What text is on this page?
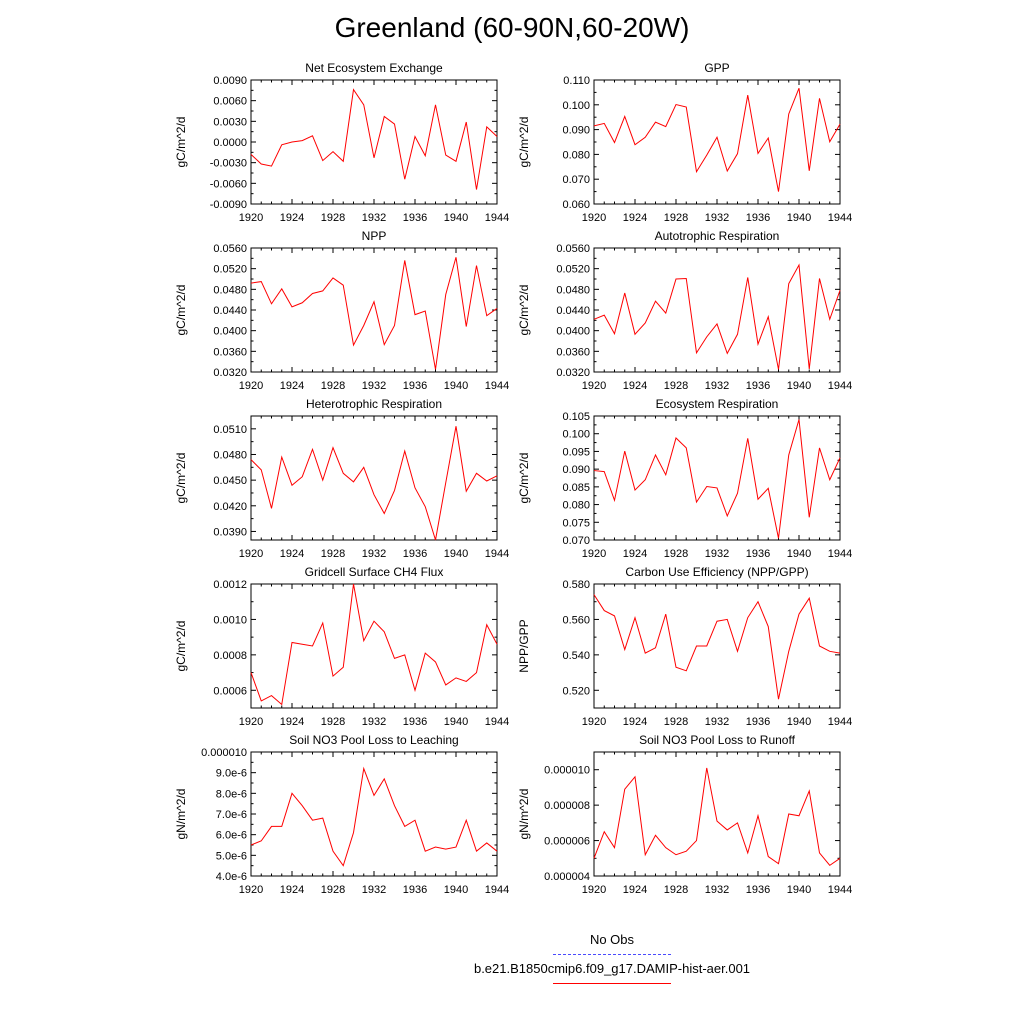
Greenland (60-90N,60-20W)
Net Ecosystem Exchange
1920 1924 1928 1932 1936 1940 1944
-0.0090
-0.0060
-0.0030
0.0000
0.0030
0.0060
0.0090
gC/m^2/d
GPP
1920 1924 1928 1932 1936 1940 1944
0.060
0.070
0.080
0.090
0.100
0.110
gC/m^2/d
NPP
1920 1924 1928 1932 1936 1940 1944
0.0320
0.0360
0.0400
0.0440
0.0480
0.0520
0.0560
gC/m^2/d
Autotrophic Respiration
1920 1924 1928 1932 1936 1940 1944
0.0320
0.0360
0.0400
0.0440
0.0480
0.0520
0.0560
gC/m^2/d
Heterotrophic Respiration
1920 1924 1928 1932 1936 1940 1944
0.0390
0.0420
0.0450
0.0480
0.0510
gC/m^2/d
Ecosystem Respiration
1920 1924 1928 1932 1936 1940 1944
0.070
0.075
0.080
0.085
0.090
0.095
0.100
0.105
gC/m^2/d
Gridcell Surface CH4 Flux
1920 1924 1928 1932 1936 1940 1944
0.0006
0.0008
0.0010
0.0012
gC/m^2/d
Carbon Use Efficiency (NPP/GPP)
1920 1924 1928 1932 1936 1940 1944
0.520
0.540
0.560
0.580
NPP/GPP
Soil NO3 Pool Loss to Leaching
1920 1924 1928 1932 1936 1940 1944
4.0e-6
5.0e-6
6.0e-6
7.0e-6
8.0e-6
9.0e-6
0.000010
gN/m^2/d
Soil NO3 Pool Loss to Runoff
1920 1924 1928 1932 1936 1940 1944
0.000004
0.000006
0.000008
0.000010
gN/m^2/d
No Obs
b.e21.B1850cmip6.f09_g17.DAMIP-hist-aer.001
